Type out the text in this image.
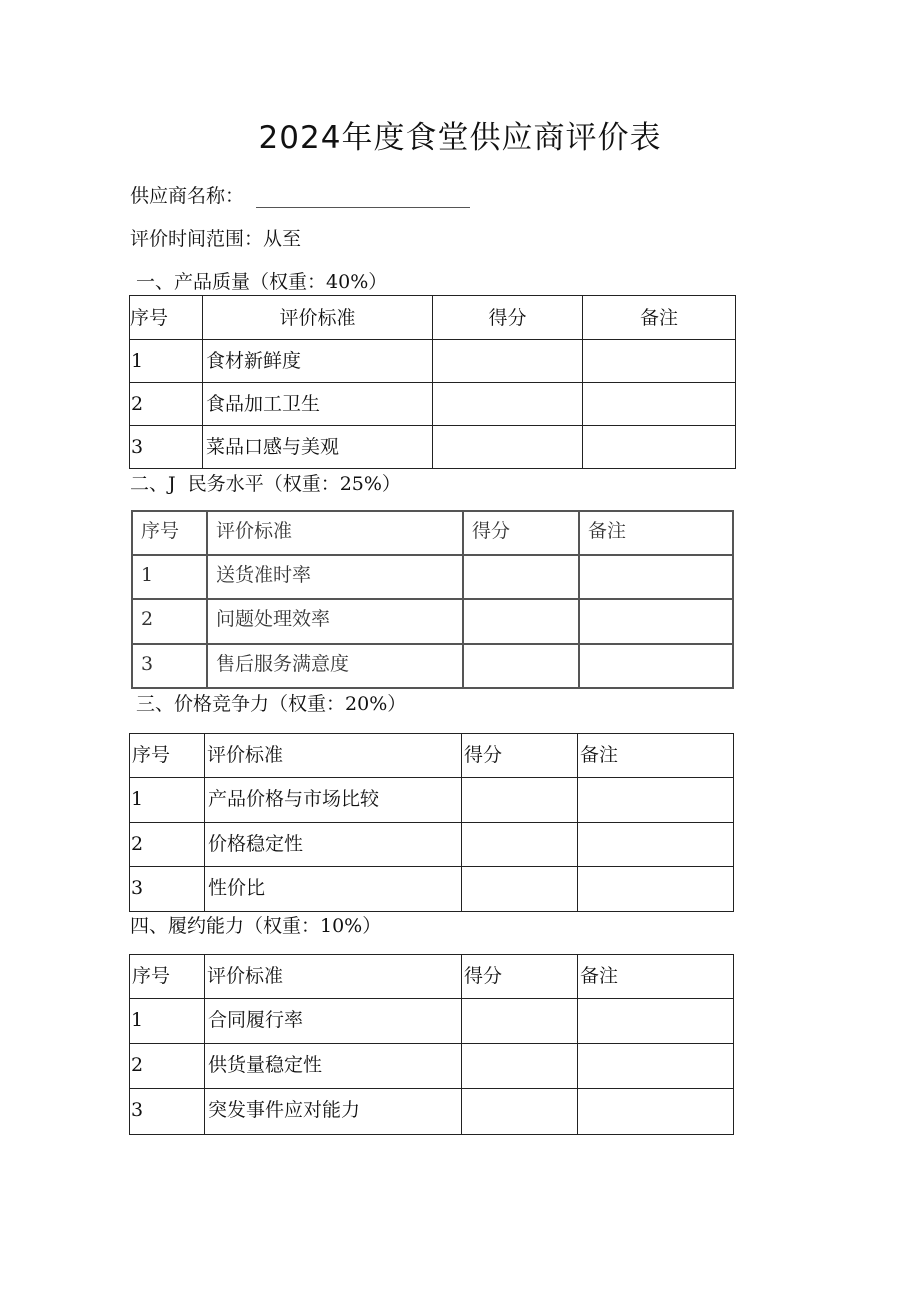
2024年度食堂供应商评价表
供应商名称：
评价时间范围：从至
一、产品质量（权重：40%）
序号	评价标准	得分	备注

1	食材新鲜度		

2	食品加工卫生		

3	菜品口感与美观		

二、J  民务水平（权重：25%）
序号	评价标准	得分	备注

1	送货准时率		

2	问题处理效率		

3	售后服务满意度		

三、价格竞争力（权重：20%）
序号	评价标准	得分	备注

1	产品价格与市场比较		

2	价格稳定性		

3	性价比		

四、履约能力（权重：10%）
序号	评价标准	得分	备注

1	合同履行率		

2	供货量稳定性		

3	突发事件应对能力		
